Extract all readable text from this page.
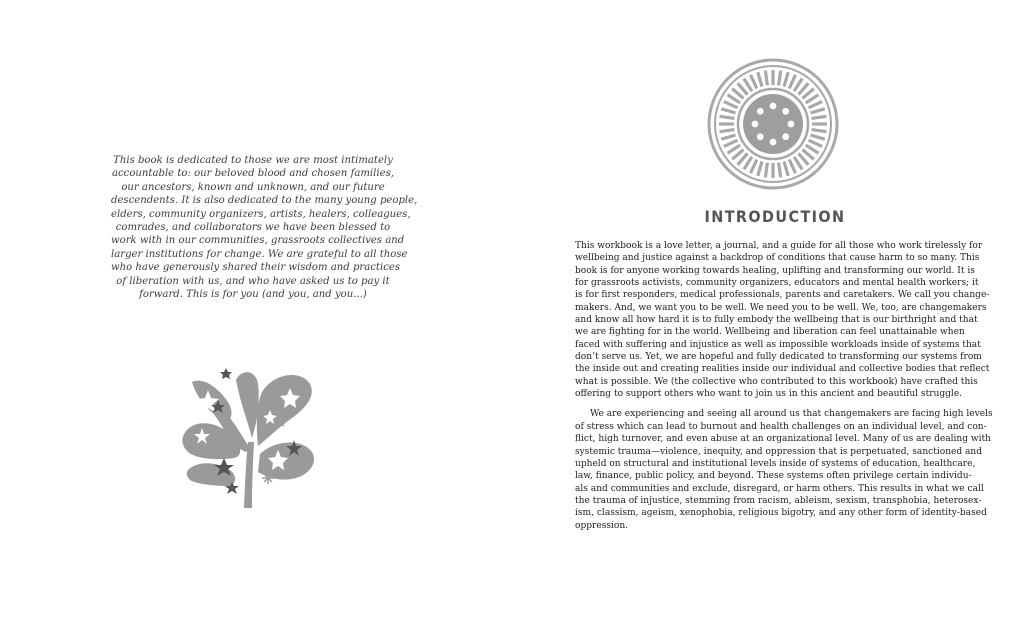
This book is dedicated to those we are most intimately
accountable to: our beloved blood and chosen families,
our ancestors, known and unknown, and our future
descendents. It is also dedicated to the many young people,
elders, community organizers, artists, healers, colleagues,
comrades, and collaborators we have been blessed to
work with in our communities, grassroots collectives and
larger institutions for change. We are grateful to all those
who have generously shared their wisdom and practices
of liberation with us, and who have asked us to pay it
forward. This is for you (and you, and you...)

INTRODUCTION

This workbook is a love letter, a journal, and a guide for all those who work tirelessly for
wellbeing and justice against a backdrop of conditions that cause harm to so many. This
book is for anyone working towards healing, uplifting and transforming our world. It is
for grassroots activists, community organizers, educators and mental health workers; it
is for first responders, medical professionals, parents and caretakers. We call you change-
makers. And, we want you to be well. We need you to be well. We, too, are changemakers
and know all how hard it is to fully embody the wellbeing that is our birthright and that
we are fighting for in the world. Wellbeing and liberation can feel unattainable when
faced with suffering and injustice as well as impossible workloads inside of systems that
don’t serve us. Yet, we are hopeful and fully dedicated to transforming our systems from
the inside out and creating realities inside our individual and collective bodies that reflect
what is possible. We (the collective who contributed to this workbook) have crafted this
offering to support others who want to join us in this ancient and beautiful struggle.

We are experiencing and seeing all around us that changemakers are facing high levels
of stress which can lead to burnout and health challenges on an individual level, and con-
flict, high turnover, and even abuse at an organizational level. Many of us are dealing with
systemic trauma—violence, inequity, and oppression that is perpetuated, sanctioned and
upheld on structural and institutional levels inside of systems of education, healthcare,
law, finance, public policy, and beyond. These systems often privilege certain individu-
als and communities and exclude, disregard, or harm others. This results in what we call
the trauma of injustice, stemming from racism, ableism, sexism, transphobia, heterosex-
ism, classism, ageism, xenophobia, religious bigotry, and any other form of identity-based
oppression.
